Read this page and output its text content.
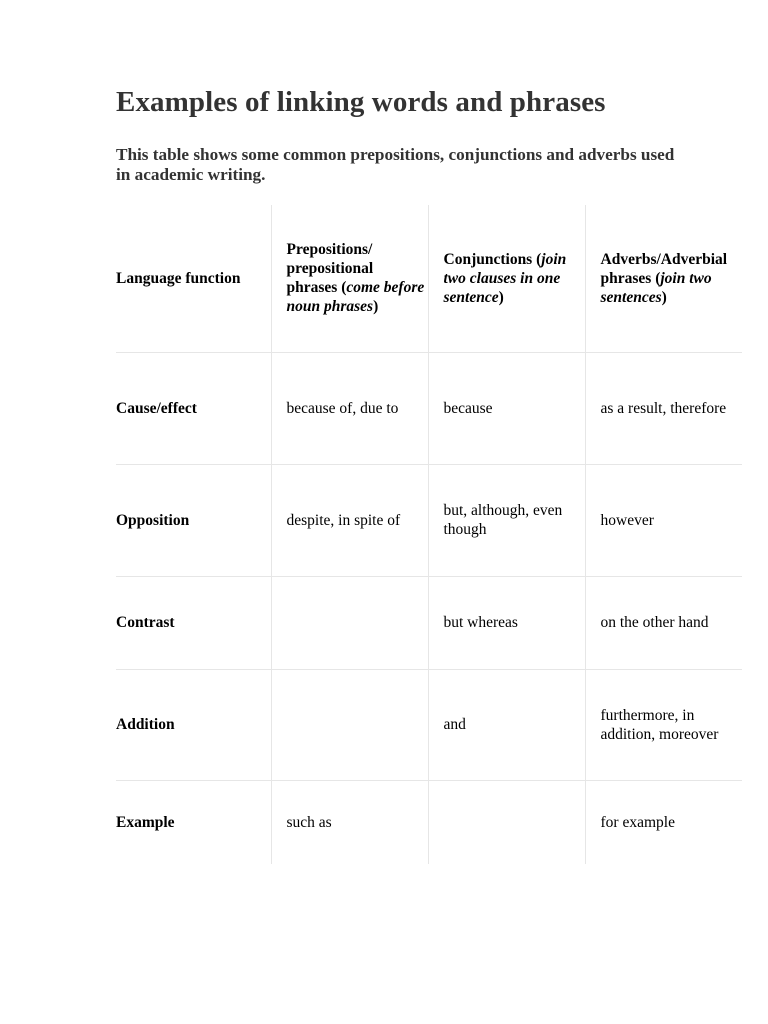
Examples of linking words and phrases

This table shows some common prepositions, conjunctions and adverbs used in academic writing.

Language function	Prepositions/ prepositional phrases (come before noun phrases)	Conjunctions (join two clauses in one sentence)	Adverbs/Adverbial phrases (join two sentences)
Cause/effect	because of, due to	because	as a result, therefore
Opposition	despite, in spite of	but, although, even though	however
Contrast		but whereas	on the other hand
Addition		and	furthermore, in addition, moreover
Example	such as		for example
